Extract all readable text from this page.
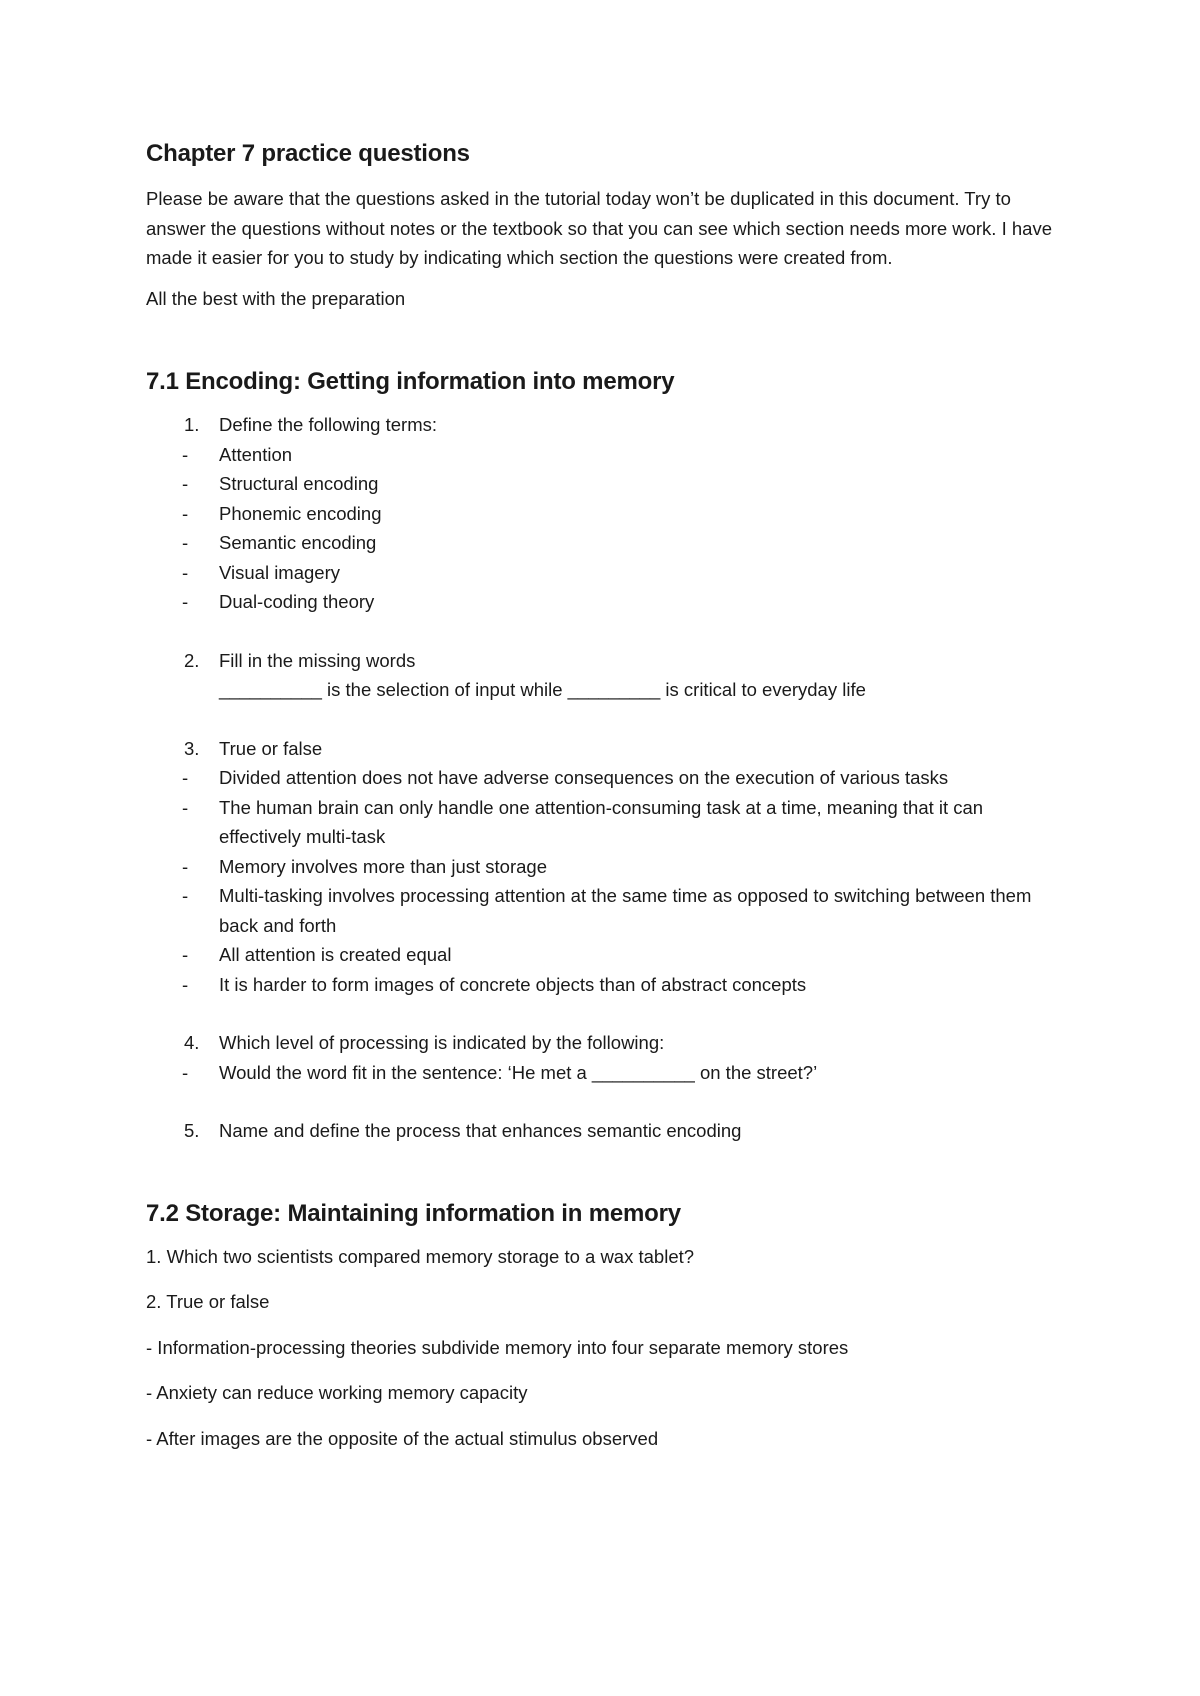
Chapter 7 practice questions

Please be aware that the questions asked in the tutorial today won’t be duplicated in this document. Try to answer the questions without notes or the textbook so that you can see which section needs more work. I have made it easier for you to study by indicating which section the questions were created from.

All the best with the preparation

7.1 Encoding: Getting information into memory
1. Define the following terms:
- Attention
- Structural encoding
- Phonemic encoding
- Semantic encoding
- Visual imagery
- Dual-coding theory
2. Fill in the missing words
__________ is the selection of input while _________ is critical to everyday life
3. True or false
- Divided attention does not have adverse consequences on the execution of various tasks
- The human brain can only handle one attention-consuming task at a time, meaning that it can effectively multi-task
- Memory involves more than just storage
- Multi-tasking involves processing attention at the same time as opposed to switching between them back and forth
- All attention is created equal
- It is harder to form images of concrete objects than of abstract concepts
4. Which level of processing is indicated by the following:
- Would the word fit in the sentence: ‘He met a __________ on the street?’
5. Name and define the process that enhances semantic encoding
7.2 Storage: Maintaining information in memory

1. Which two scientists compared memory storage to a wax tablet?

2. True or false

- Information-processing theories subdivide memory into four separate memory stores

- Anxiety can reduce working memory capacity

- After images are the opposite of the actual stimulus observed
